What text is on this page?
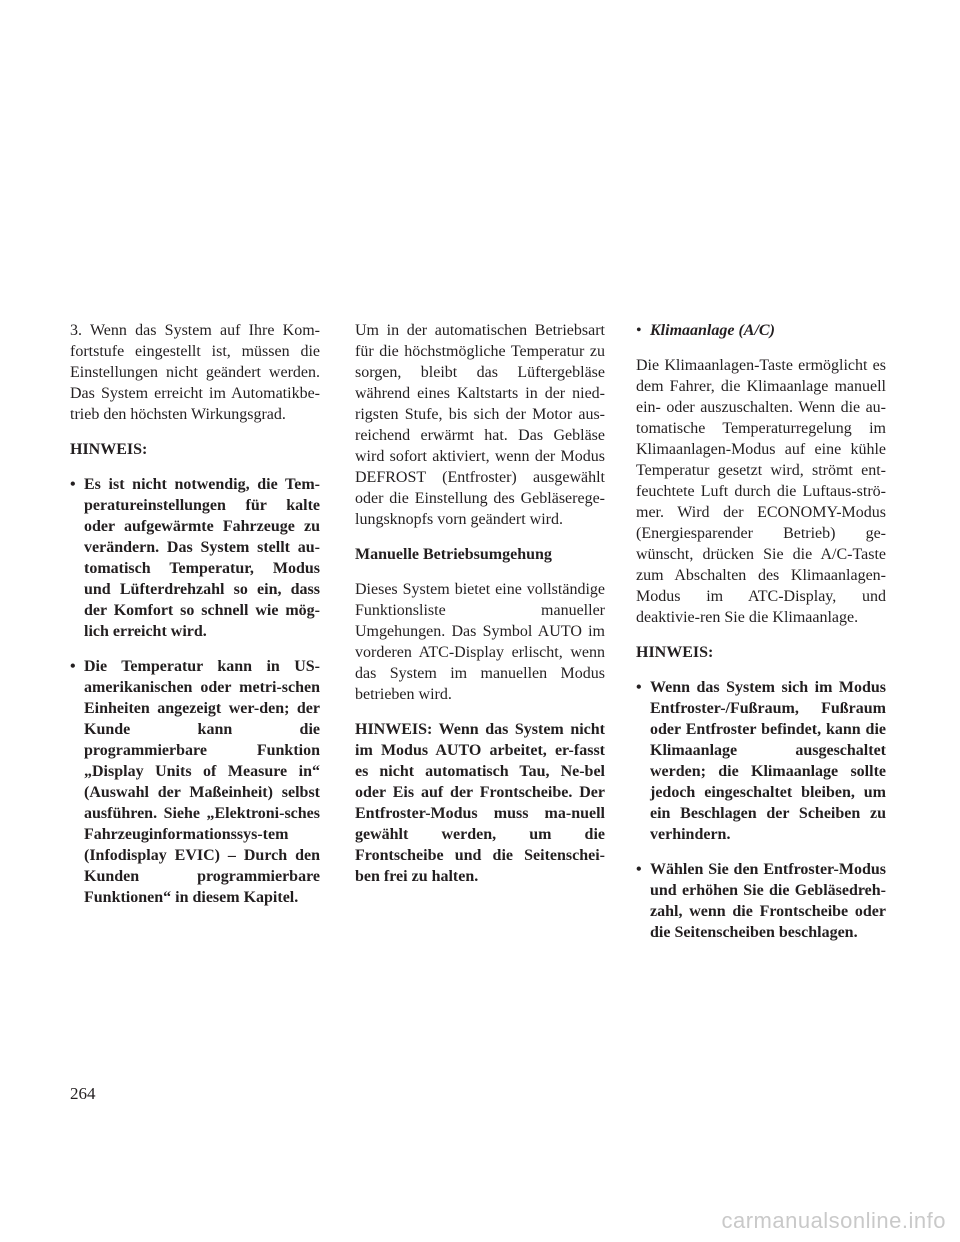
3. Wenn das System auf Ihre Kom-fortstufe eingestellt ist, müssen die Einstellungen nicht geändert werden. Das System erreicht im Automatikbe-trieb den höchsten Wirkungsgrad.

HINWEIS:

• Es ist nicht notwendig, die Tem-peratureinstellungen für kalte oder aufgewärmte Fahrzeuge zu verändern. Das System stellt au-tomatisch Temperatur, Modus und Lüfterdrehzahl so ein, dass der Komfort so schnell wie mög-lich erreicht wird.
• Die Temperatur kann in US-amerikanischen oder metri-schen Einheiten angezeigt wer-den; der Kunde kann die programmierbare Funktion „Display Units of Measure in“ (Auswahl der Maßeinheit) selbst ausführen. Siehe „Elektroni-sches Fahrzeuginformationssys-tem (Infodisplay EVIC) – Durch den Kunden programmierbare Funktionen“ in diesem Kapitel.

Um in der automatischen Betriebsart für die höchstmögliche Temperatur zu sorgen, bleibt das Lüftergebläse während eines Kaltstarts in der nied-rigsten Stufe, bis sich der Motor aus-reichend erwärmt hat. Das Gebläse wird sofort aktiviert, wenn der Modus DEFROST (Entfroster) ausgewählt oder die Einstellung des Gebläserege-lungsknopfs vorn geändert wird.

Manuelle Betriebsumgehung

Dieses System bietet eine vollständige Funktionsliste manueller Umgehungen. Das Symbol AUTO im vorderen ATC-Display erlischt, wenn das System im manuellen Modus betrieben wird.

HINWEIS: Wenn das System nicht im Modus AUTO arbeitet, er-fasst es nicht automatisch Tau, Ne-bel oder Eis auf der Frontscheibe. Der Entfroster-Modus muss ma-nuell gewählt werden, um die Frontscheibe und die Seitenschei-ben frei zu halten.

• Klimaanlage (A/C)

Die Klimaanlagen-Taste ermöglicht es dem Fahrer, die Klimaanlage manuell ein- oder auszuschalten. Wenn die au-tomatische Temperaturregelung im Klimaanlagen-Modus auf eine kühle Temperatur gesetzt wird, strömt ent-feuchtete Luft durch die Luftaus-strö-mer. Wird der ECONOMY-Modus (Energiesparender Betrieb) ge-wünscht, drücken Sie die A/C-Taste zum Abschalten des Klimaanlagen-Modus im ATC-Display, und deaktivie-ren Sie die Klimaanlage.

HINWEIS:

• Wenn das System sich im Modus Entfroster-/Fußraum, Fußraum oder Entfroster befindet, kann die Klimaanlage ausgeschaltet werden; die Klimaanlage sollte jedoch eingeschaltet bleiben, um ein Beschlagen der Scheiben zu verhindern.
• Wählen Sie den Entfroster-Modus und erhöhen Sie die Gebläsedreh-zahl, wenn die Frontscheibe oder die Seitenscheiben beschlagen.
264
carmanualsonline.info
